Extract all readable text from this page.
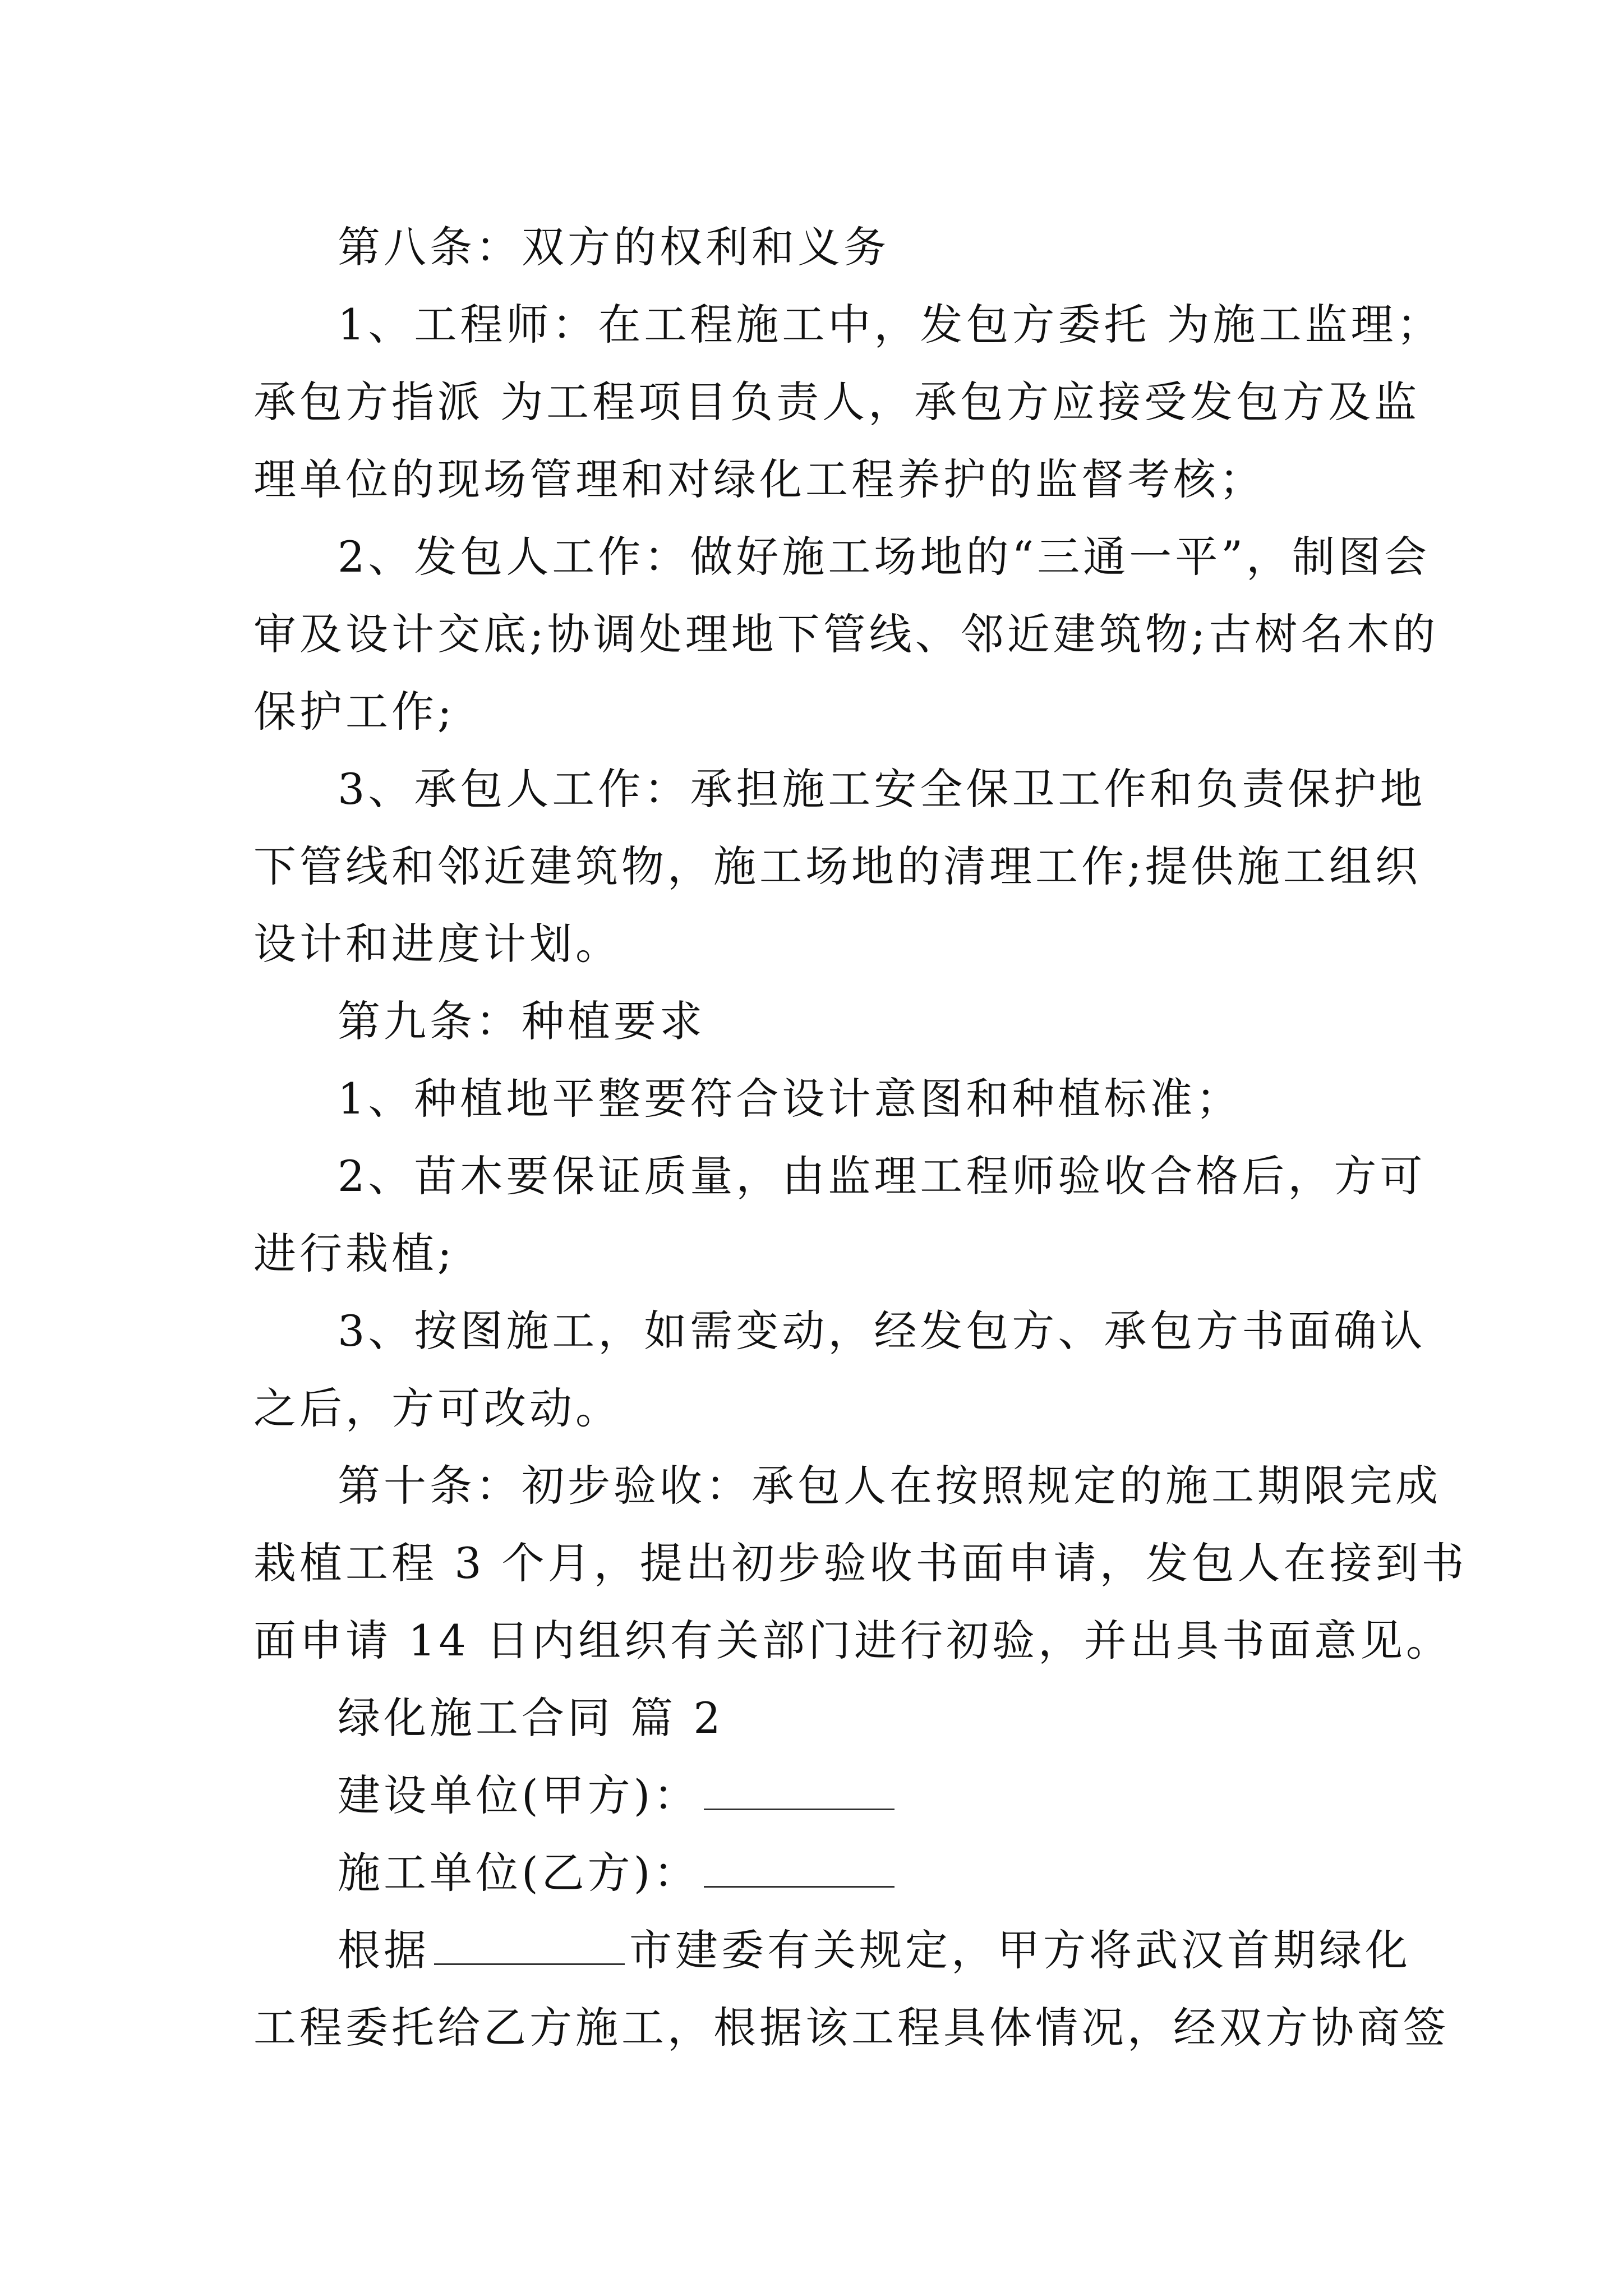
第八条：双方的权利和义务
1、工程师：在工程施工中，发包方委托 为施工监理；
承包方指派 为工程项目负责人，承包方应接受发包方及监
理单位的现场管理和对绿化工程养护的监督考核；
2、发包人工作：做好施工场地的“三通一平”，制图会
审及设计交底;协调处理地下管线、邻近建筑物;古树名木的
保护工作;
3、承包人工作：承担施工安全保卫工作和负责保护地
下管线和邻近建筑物，施工场地的清理工作;提供施工组织
设计和进度计划。
第九条：种植要求
1、种植地平整要符合设计意图和种植标准；
2、苗木要保证质量，由监理工程师验收合格后，方可
进行栽植;
3、按图施工，如需变动，经发包方、承包方书面确认
之后，方可改动。
第十条：初步验收：承包人在按照规定的施工期限完成
栽植工程 3 个月，提出初步验收书面申请，发包人在接到书
面申请 14 日内组织有关部门进行初验，并出具书面意见。
绿化施工合同 篇 2
建设单位(甲方)：
施工单位(乙方)：
根据	市建委有关规定，甲方将武汉首期绿化
工程委托给乙方施工，根据该工程具体情况，经双方协商签
